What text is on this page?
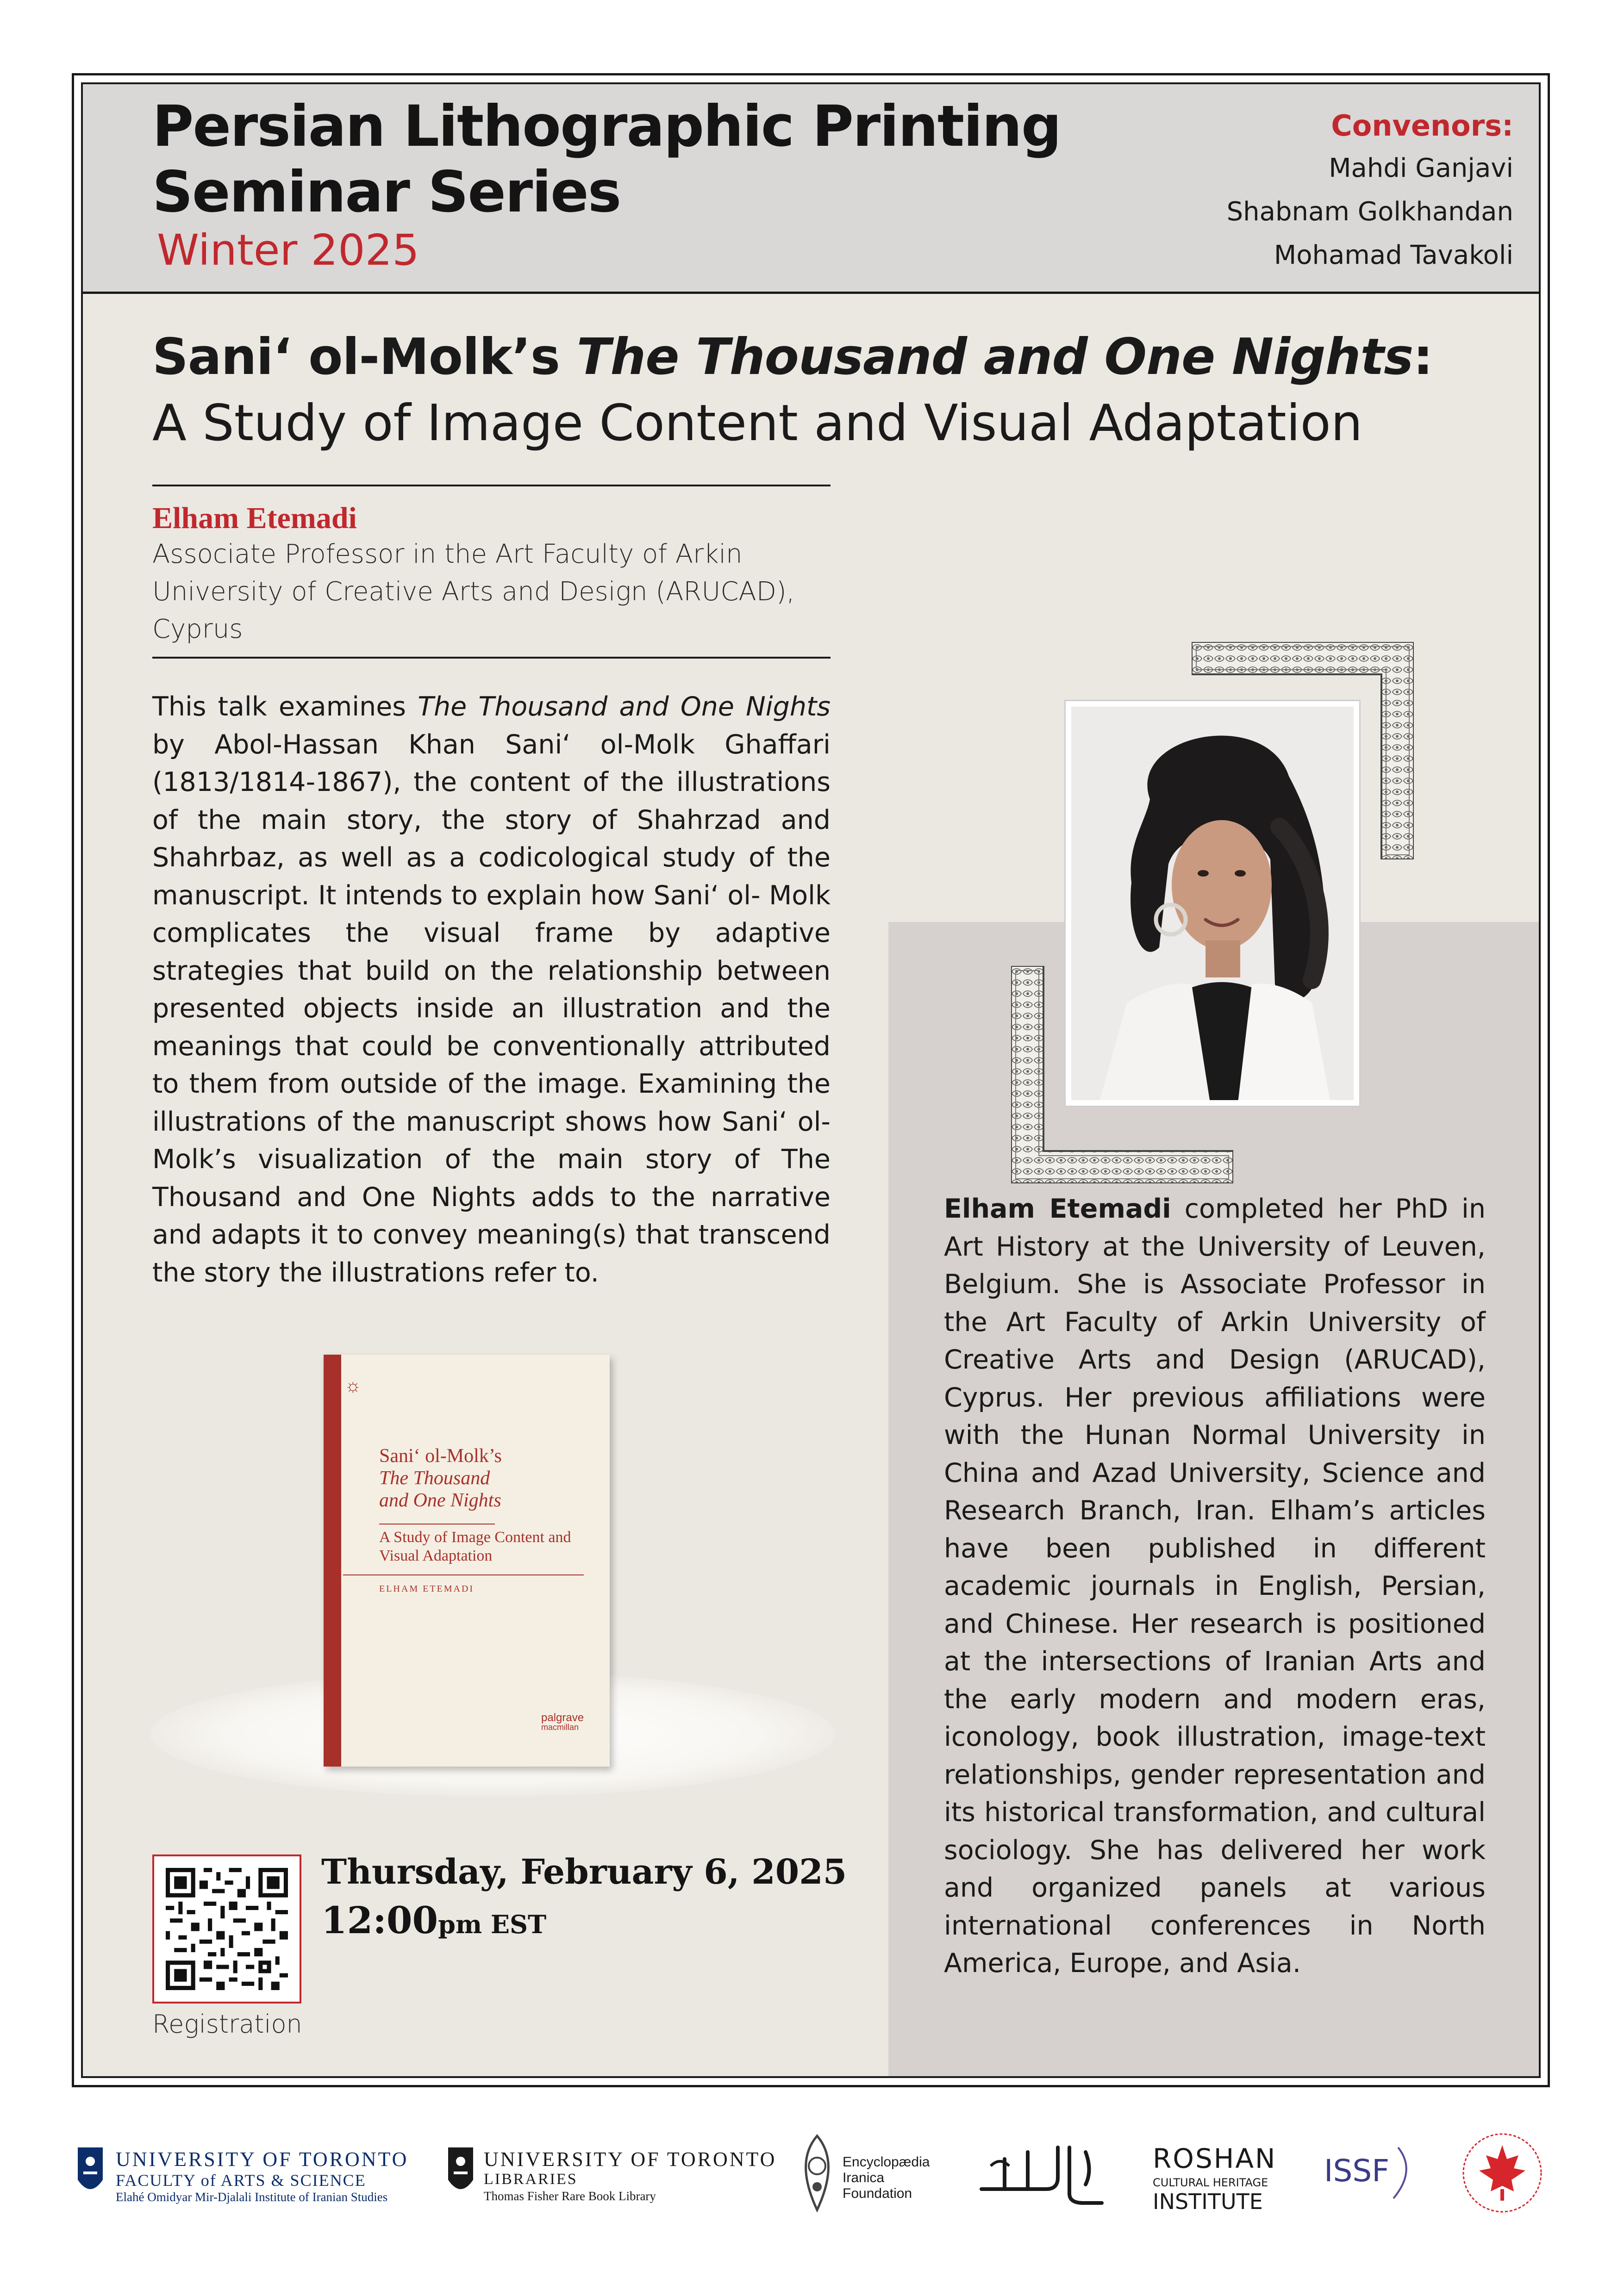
Persian Lithographic Printing
Seminar Series
Winter 2025
Convenors:
Mahdi Ganjavi
Shabnam Golkhandan
Mohamad Tavakoli
Sani‘ ol-Molk’s The Thousand and One Nights:
A Study of Image Content and Visual Adaptation
Elham Etemadi
Associate Professor in the Art Faculty of Arkin University of Creative Arts and Design (ARUCAD), Cyprus
This talk examines The Thousand and One Nights by Abol-Hassan Khan Sani‘ ol-Molk Ghaffari (1813/1814-1867), the content of the illustrations of the main story, the story of Shahrzad and Shahrbaz, as well as a codicological study of the manuscript. It intends to explain how Sani‘ ol- Molk complicates the visual frame by adaptive strategies that build on the relationship between presented objects inside an illustration and the meanings that could be conventionally attributed to them from outside of the image. Examining the illustrations of the manuscript shows how Sani‘ ol-Molk’s visualization of the main story of The Thousand and One Nights adds to the narrative and adapts it to convey meaning(s) that transcend the story the illustrations refer to.
☼
Sani‘ ol-Molk’s
The Thousand
and One Nights
A Study of Image Content and Visual Adaptation
ELHAM ETEMADI
palgrave
macmillan
Registration
Thursday, February 6, 2025
12:00pm EST
Elham Etemadi completed her PhD in Art History at the University of Leuven, Belgium. She is Associate Professor in the Art Faculty of Arkin University of Creative Arts and Design (ARUCAD), Cyprus. Her previous affiliations were with the Hunan Normal University in China and Azad University, Science and Research Branch, Iran. Elham’s articles have been published in different academic journals in English, Persian, and Chinese. Her research is positioned at the intersections of Iranian Arts and the early modern and modern eras, iconology, book illustration, image-text relationships, gender representation and its historical transformation, and cultural sociology. She has delivered her work and organized panels at various international conferences in North America, Europe, and Asia.
UNIVERSITY OF TORONTO
FACULTY of ARTS & SCIENCE
Elahé Omidyar Mir-Djalali Institute of Iranian Studies
UNIVERSITY OF TORONTO
LIBRARIES
Thomas Fisher Rare Book Library
Encyclopædia
Iranica
Foundation
ROSHAN
CULTURAL HERITAGE
INSTITUTE
ISSF
